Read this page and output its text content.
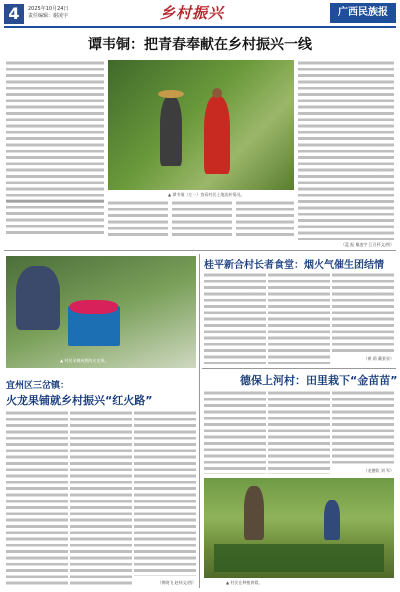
4	2025年10月24日
责任编辑：谢凌宇	乡村振兴	广西民族报
谭韦铜：把青春奉献在乡村振兴一线
▲ 谭韦铜（左一）查看村民土地流转情况。
（蓝 振 谢凌宇 江召杯文/图）
▲ 村民采摘成熟的火龙果。
宜州区三岔镇：
火龙果铺就乡村振兴“红火路”
（黄晓飞 赵伟文/图）
桂平新合村长者食堂：烟火气催生团结情
（黄 莉 戴景泉）
德保上河村：田里栽下“金苗苗”
（龙德钦 刘 军）
▲ 村民在种植黄精。
